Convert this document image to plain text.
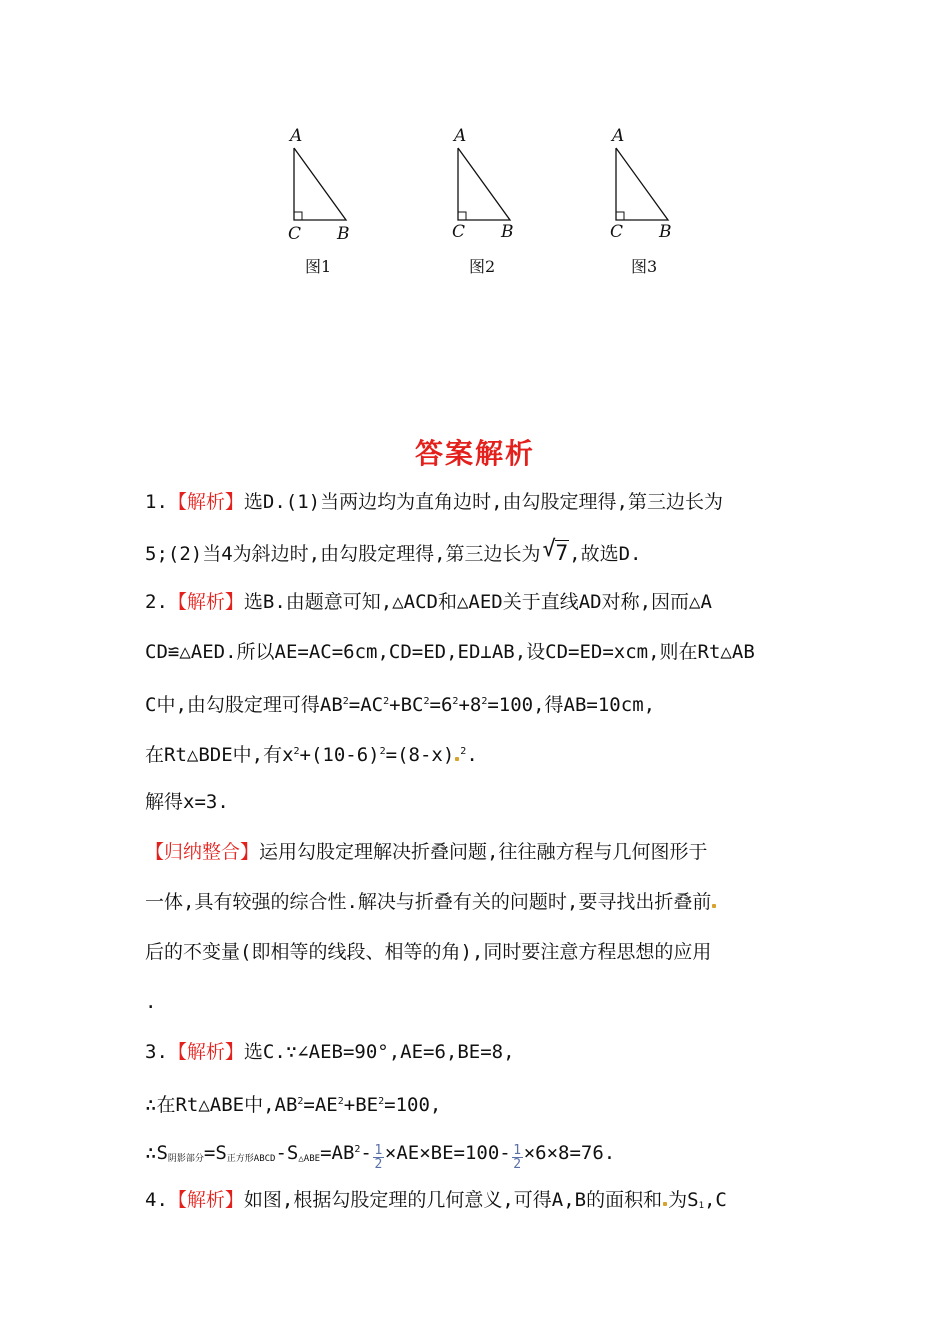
A
C B
图1
A
C B
图2
A
C B
图3
答案解析
1.【解析】选D.(1)当两边均为直角边时,由勾股定理得,第三边长为
5;(2)当4为斜边时,由勾股定理得,第三边长为√ 7,故选D.
2.【解析】选B.由题意可知,△ACD和△AED关于直线AD对称,因而△A
CD≌△AED.所以AE=AC=6cm,CD=ED,ED⊥AB,设CD=ED=xcm,则在Rt△AB
C中,由勾股定理可得$AB^2=AC^2+BC^2=6^2+8^2=100$,得AB=10cm,
在Rt△BDE中,有$x^2+(10-6)^2=(8-x)$ $^2$.
解得x=3.
【归纳整合】运用勾股定理解决折叠问题,往往融方程与几何图形于
一体,具有较强的综合性.解决与折叠有关的问题时,要寻找出折叠前
后的不变量(即相等的线段、相等的角),同时要注意方程思想的应用
.
3.【解析】选C.∵∠AEB=90°,AE=6,BE=8,
∴在Rt△ABE中$,AB^2=AE^2+BE^2=100$,
$\therefore S_{阴影部分}=S_{正方形ABCD}-S_{\triangle ABE}=AB^2- \frac{1}{2} \times AE\times BE=100- \frac{1}{2} \times 6\times 8=76$.
4.【解析】如图,根据勾股定理的几何意义,可得A,B的面积和 为$S_1,C$
